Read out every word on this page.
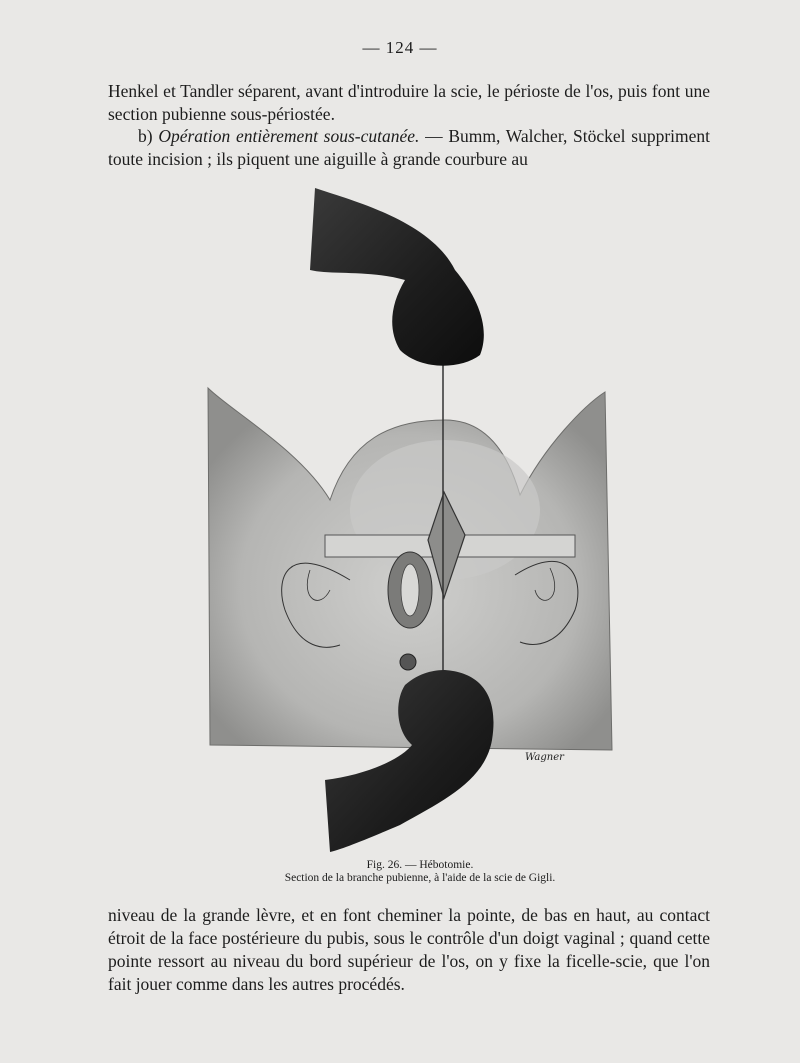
— 124 —

Henkel et Tandler séparent, avant d'introduire la scie, le périoste de l'os, puis font une section pubienne sous-périostée.

b) Opération entièrement sous-cutanée. — Bumm, Walcher, Stöckel suppriment toute incision ; ils piquent une aiguille à grande courbure au

Wagner
Fig. 26. — Hébotomie.
Section de la branche pubienne, à l'aide de la scie de Gigli.

niveau de la grande lèvre, et en font cheminer la pointe, de bas en haut, au contact étroit de la face postérieure du pubis, sous le contrôle d'un doigt vaginal ; quand cette pointe ressort au niveau du bord supérieur de l'os, on y fixe la ficelle-scie, que l'on fait jouer comme dans les autres procédés.
